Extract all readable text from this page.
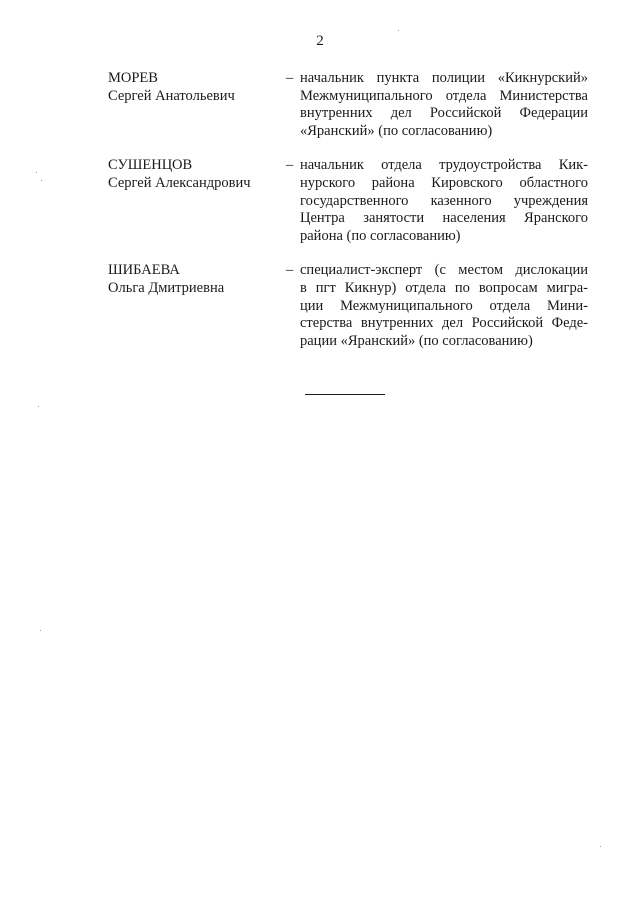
2
МОРЕВ
Сергей Анатольевич
– начальник пункта полиции «Кикнурский»
Межмуниципального отдела Министерства
внутренних дел Российской Федерации
«Яранский» (по согласованию)
СУШЕНЦОВ
Сергей Александрович
– начальник отдела трудоустройства Кик-
нурского района Кировского областного
государственного казенного учреждения
Центра занятости населения Яранского
района (по согласованию)
ШИБАЕВА
Ольга Дмитриевна
– специалист-эксперт (с местом дислокации
в пгт Кикнур) отдела по вопросам мигра-
ции Межмуниципального отдела Мини-
стерства внутренних дел Российской Феде-
рации «Яранский» (по согласованию)
